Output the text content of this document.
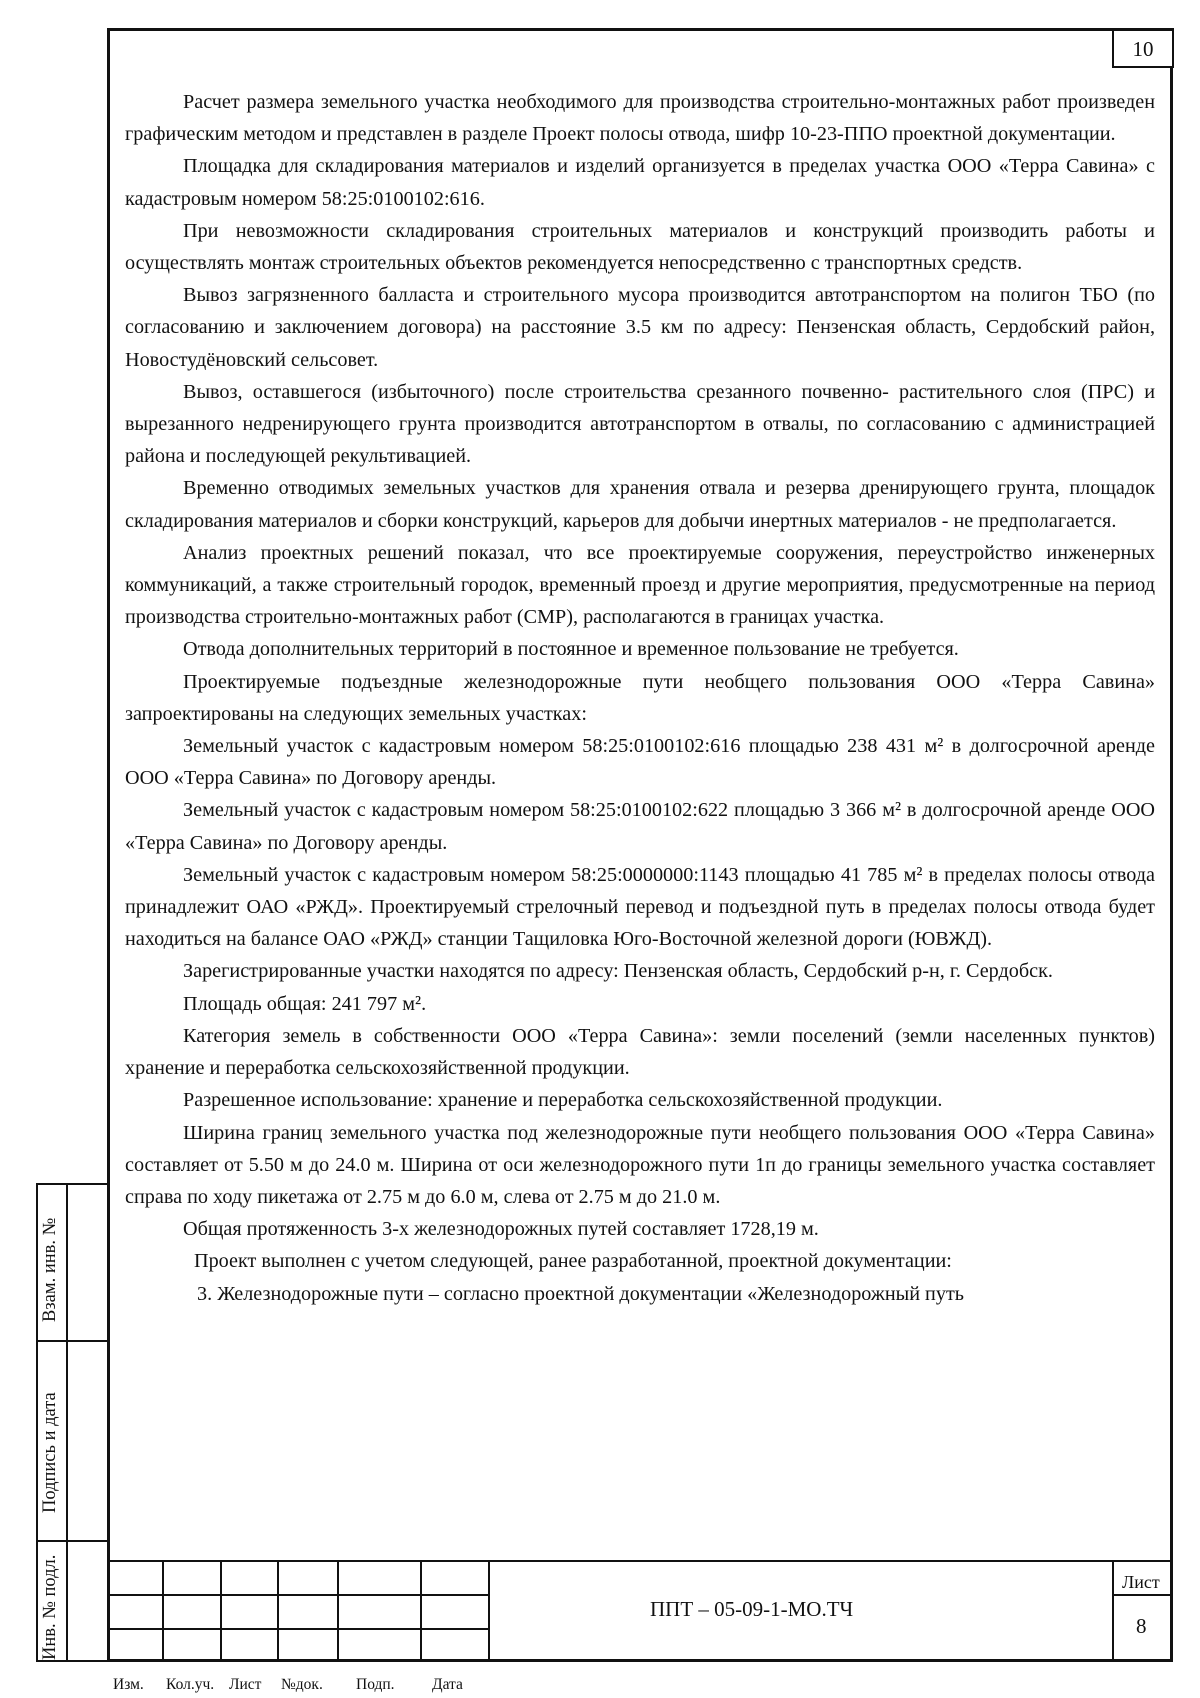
10

Расчет размера земельного участка необходимого для производства строительно-монтажных работ произведен графическим методом и представлен в разделе Проект полосы отвода, шифр 10-23-ППО проектной документации.

Площадка для складирования материалов и изделий организуется в пределах участка ООО «Терра Савина» с кадастровым номером 58:25:0100102:616.

При невозможности складирования строительных материалов и конструкций производить работы и осуществлять монтаж строительных объектов рекомендуется непосредственно с транспортных средств.

Вывоз загрязненного балласта и строительного мусора производится автотранспортом на полигон ТБО (по согласованию и заключением договора) на расстояние 3.5 км по адресу: Пензенская область, Сердобский район, Новостудёновский сельсовет.

Вывоз, оставшегося (избыточного) после строительства срезанного почвенно- растительного слоя (ПРС) и вырезанного недренирующего грунта производится автотранспортом в отвалы, по согласованию с администрацией района и последующей рекультивацией.

Временно отводимых земельных участков для хранения отвала и резерва дренирующего грунта, площадок складирования материалов и сборки конструкций, карьеров для добычи инертных материалов - не предполагается.

Анализ проектных решений показал, что все проектируемые сооружения, переустройство инженерных коммуникаций, а также строительный городок, временный проезд и другие мероприятия, предусмотренные на период производства строительно-монтажных работ (СМР), располагаются в границах участка.

Отвода дополнительных территорий в постоянное и временное пользование не требуется.

Проектируемые подъездные железнодорожные пути необщего пользования ООО «Терра Савина» запроектированы на следующих земельных участках:

Земельный участок с кадастровым номером 58:25:0100102:616 площадью 238 431 м² в долгосрочной аренде ООО «Терра Савина» по Договору аренды.

Земельный участок с кадастровым номером 58:25:0100102:622 площадью 3 366 м² в долгосрочной аренде ООО «Терра Савина» по Договору аренды.

Земельный участок с кадастровым номером 58:25:0000000:1143 площадью 41 785 м² в пределах полосы отвода принадлежит ОАО «РЖД». Проектируемый стрелочный перевод и подъездной путь в пределах полосы отвода будет находиться на балансе ОАО «РЖД» станции Тащиловка Юго-Восточной железной дороги (ЮВЖД).

Зарегистрированные участки находятся по адресу: Пензенская область, Сердобский р-н, г. Сердобск.

Площадь общая: 241 797 м².

Категория земель в собственности ООО «Терра Савина»: земли поселений (земли населенных пунктов) хранение и переработка сельскохозяйственной продукции.

Разрешенное использование: хранение и переработка сельскохозяйственной продукции.

Ширина границ земельного участка под железнодорожные пути необщего пользования ООО «Терра Савина» составляет от 5.50 м до 24.0 м. Ширина от оси железнодорожного пути 1п до границы земельного участка составляет справа по ходу пикетажа от 2.75 м до 6.0 м, слева от 2.75 м до 21.0 м.

Общая протяженность 3-х железнодорожных путей составляет 1728,19 м.

Проект выполнен с учетом следующей, ранее разработанной, проектной документации:

3. Железнодорожные пути – согласно проектной документации «Железнодорожный путь

Взам. инв. №
Подпись и дата
Инв. № подл.
Изм. Кол.уч. Лист №док. Подп. Дата
ППТ – 05-09-1-МО.ТЧ
Лист
8
